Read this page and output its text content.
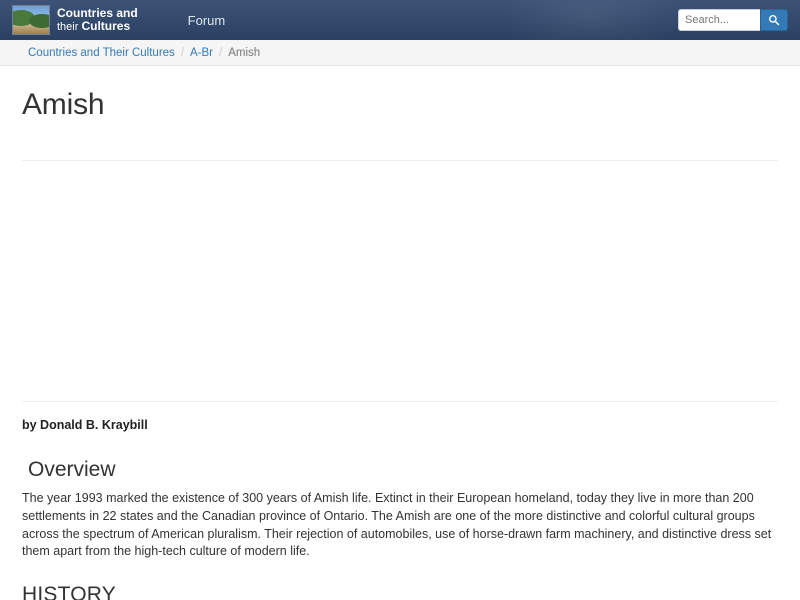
Countries and
their Cultures	Forum
Search...
Countries and Their Cultures / A-Br / Amish
Amish

by Donald B. Kraybill

Overview

The year 1993 marked the existence of 300 years of Amish life. Extinct in their European homeland, today they live in more than 200 settlements in 22 states and the Canadian province of Ontario. The Amish are one of the more distinctive and colorful cultural groups across the spectrum of American pluralism. Their rejection of automobiles, use of horse-drawn farm machinery, and distinctive dress set them apart from the high-tech culture of modern life.

HISTORY
